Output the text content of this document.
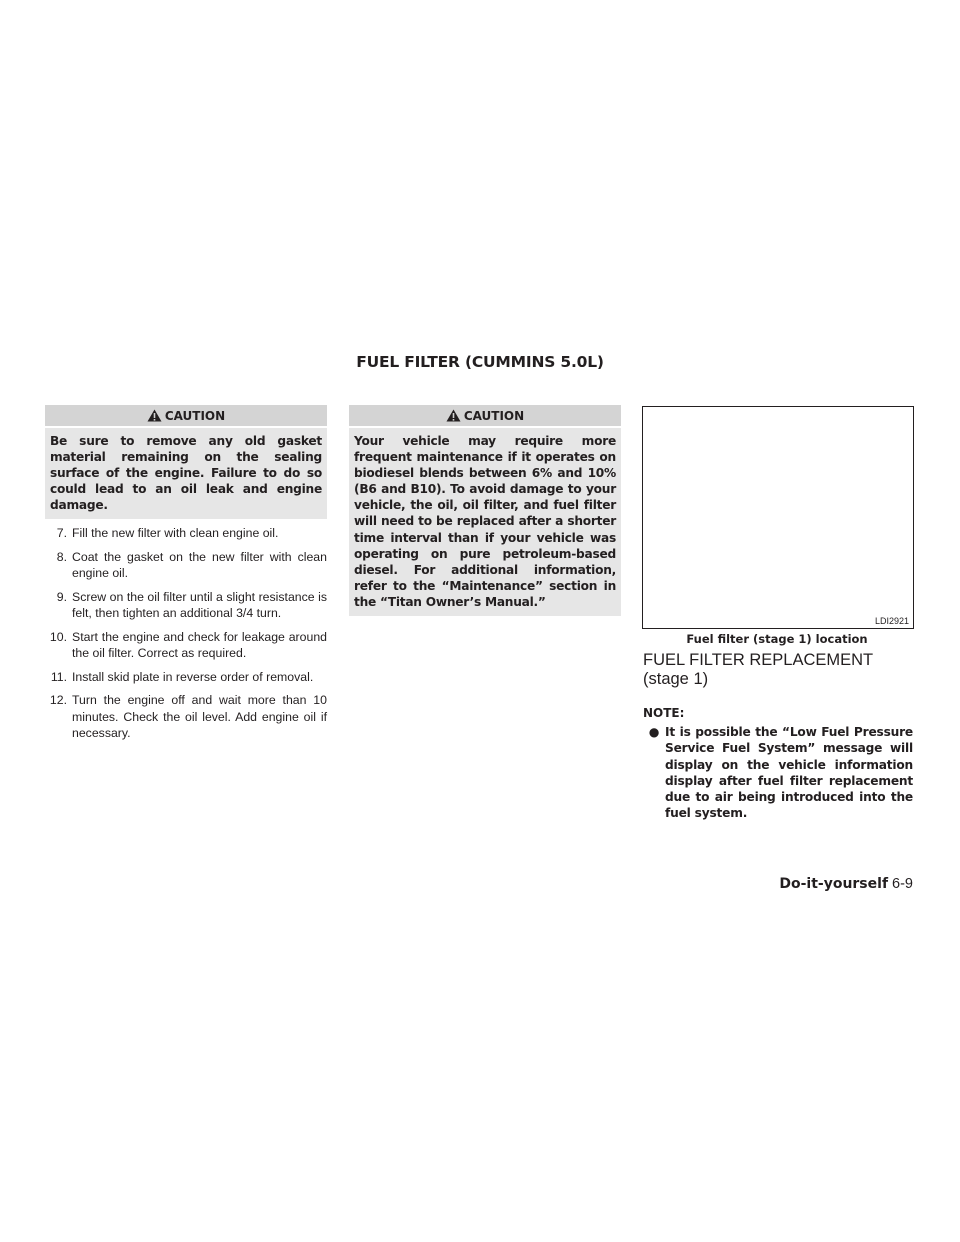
FUEL FILTER (CUMMINS 5.0L)
CAUTION
Be sure to remove any old gasket material remaining on the sealing surface of the engine. Failure to do so could lead to an oil leak and engine damage.
7. Fill the new filter with clean engine oil.
8. Coat the gasket on the new filter with clean engine oil.
9. Screw on the oil filter until a slight resistance is felt, then tighten an additional 3/4 turn.
10. Start the engine and check for leakage around the oil filter. Correct as required.
11. Install skid plate in reverse order of removal.
12. Turn the engine off and wait more than 10 minutes. Check the oil level. Add engine oil if necessary.
CAUTION
Your vehicle may require more frequent maintenance if it operates on biodiesel blends between 6% and 10% (B6 and B10). To avoid damage to your vehicle, the oil, oil filter, and fuel filter will need to be replaced after a shorter time interval than if your vehicle was operating on pure petroleum-based diesel. For additional information, refer to the “Maintenance” section in the “Titan Owner’s Manual.”
LDI2921
Fuel filter (stage 1) location
FUEL FILTER REPLACEMENT (stage 1)
NOTE:
● It is possible the “Low Fuel Pressure Service Fuel System” message will display on the vehicle information display after fuel filter replacement due to air being introduced into the fuel system.
Do-it-yourself 6-9
